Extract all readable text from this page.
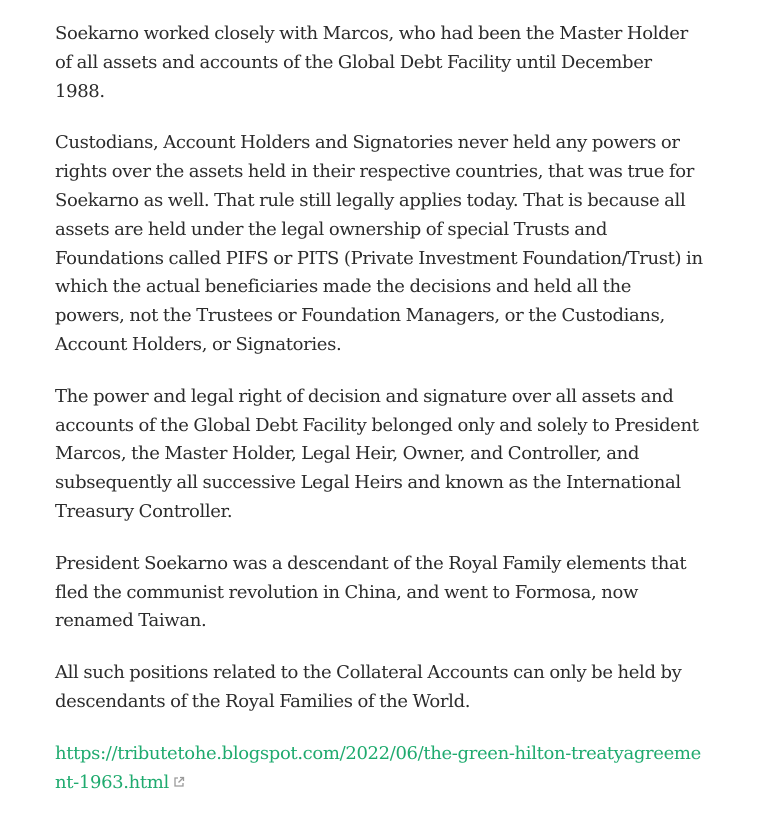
Soekarno worked closely with Marcos, who had been the Master Holder of all assets and accounts of the Global Debt Facility until December 1988.

Custodians, Account Holders and Signatories never held any powers or rights over the assets held in their respective countries, that was true for Soekarno as well. That rule still legally applies today. That is because all assets are held under the legal ownership of special Trusts and Foundations called PIFS or PITS (Private Investment Foundation/Trust) in which the actual beneficiaries made the decisions and held all the powers, not the Trustees or Foundation Managers, or the Custodians, Account Holders, or Signatories.

The power and legal right of decision and signature over all assets and accounts of the Global Debt Facility belonged only and solely to President Marcos, the Master Holder, Legal Heir, Owner, and Controller, and subsequently all successive Legal Heirs and known as the International Treasury Controller.

President Soekarno was a descendant of the Royal Family elements that fled the communist revolution in China, and went to Formosa, now renamed Taiwan.

All such positions related to the Collateral Accounts can only be held by descendants of the Royal Families of the World.

https://tributetohe.blogspot.com/2022/06/the-green-hilton-treatyagreement-1963.html
